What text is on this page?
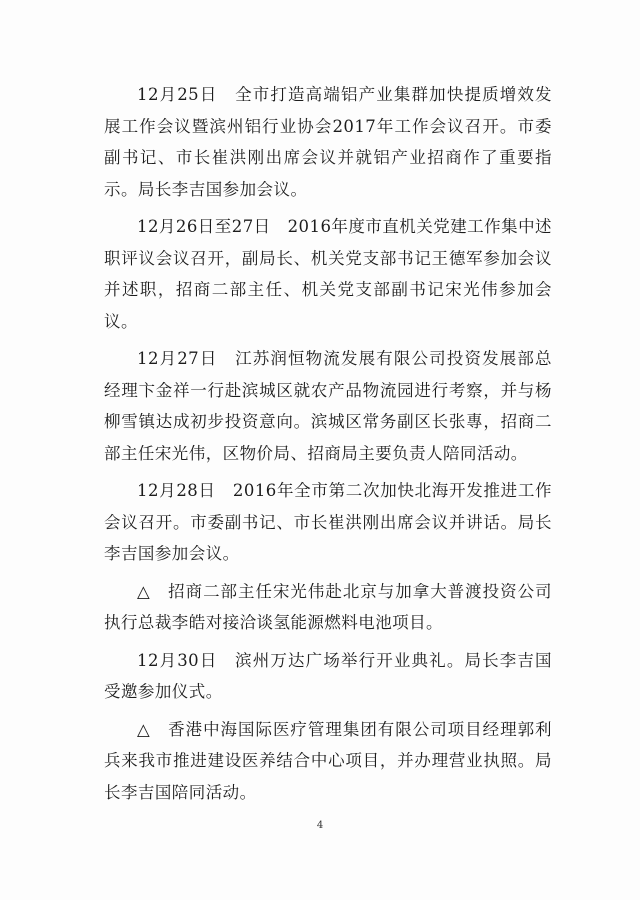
12月25日　全市打造高端铝产业集群加快提质增效发展工作会议暨滨州铝行业协会2017年工作会议召开。市委副书记、市长崔洪刚出席会议并就铝产业招商作了重要指示。局长李吉国参加会议。

12月26日至27日　2016年度市直机关党建工作集中述职评议会议召开，副局长、机关党支部书记王德军参加会议并述职，招商二部主任、机关党支部副书记宋光伟参加会议。

12月27日　江苏润恒物流发展有限公司投资发展部总经理卞金祥一行赴滨城区就农产品物流园进行考察，并与杨柳雪镇达成初步投资意向。滨城区常务副区长张專，招商二部主任宋光伟，区物价局、招商局主要负责人陪同活动。

12月28日　2016年全市第二次加快北海开发推进工作会议召开。市委副书记、市长崔洪刚出席会议并讲话。局长李吉国参加会议。

△　招商二部主任宋光伟赴北京与加拿大普渡投资公司执行总裁李皓对接洽谈氢能源燃料电池项目。

12月30日　滨州万达广场举行开业典礼。局长李吉国受邀参加仪式。

△　香港中海国际医疗管理集团有限公司项目经理郭利兵来我市推进建设医养结合中心项目，并办理营业执照。局长李吉国陪同活动。

4
